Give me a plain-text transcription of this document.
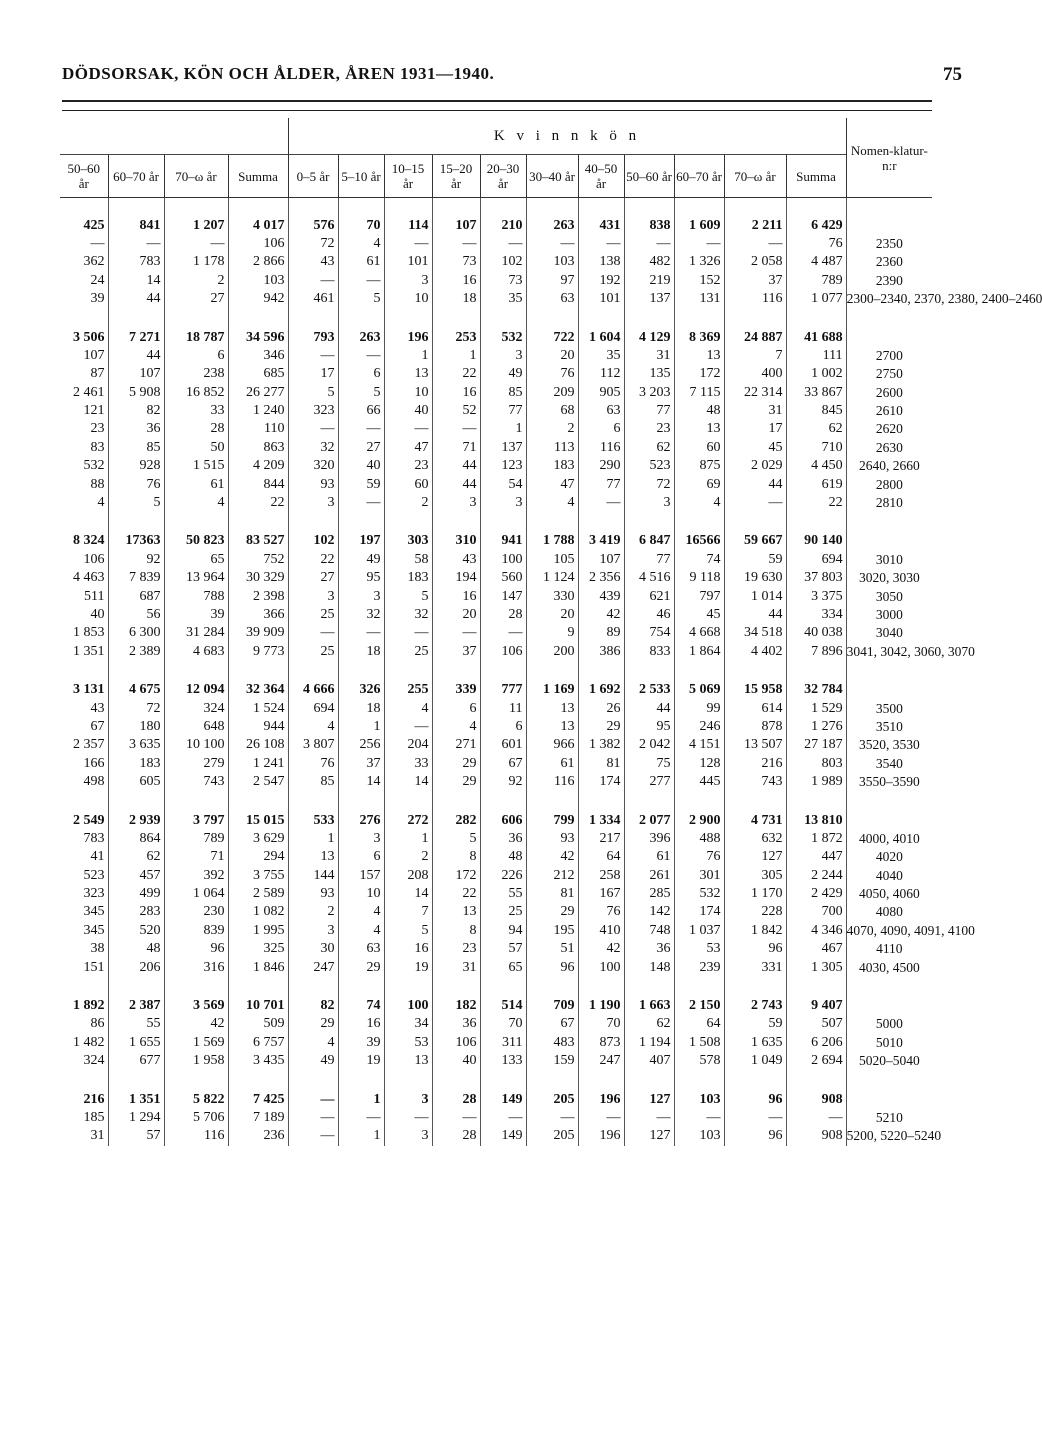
DÖDSORSAK, KÖN OCH ÅLDER, ÅREN 1931—1940.	75
				K v i n n k ö n											Nomen-klatur-n:r
50–60 år	60–70 år	70–ω år	Summa	0–5 år	5–10 år	10–15 år	15–20 år	20–30 år	30–40 år	40–50 år	50–60 år	60–70 år	70–ω år	Summa	

425	841	1 207	4 017	576	70	114	107	210	263	431	838	1 609	2 211	6 429	
—	—	—	106	72	4	—	—	—	—	—	—	—	—	76	2350
362	783	1 178	2 866	43	61	101	73	102	103	138	482	1 326	2 058	4 487	2360
24	14	2	103	—	—	3	16	73	97	192	219	152	37	789	2390
39	44	27	942	461	5	10	18	35	63	101	137	131	116	1 077	2300–2340, 2370, 2380, 2400–2460

3 506	7 271	18 787	34 596	793	263	196	253	532	722	1 604	4 129	8 369	24 887	41 688	
107	44	6	346	—	—	1	1	3	20	35	31	13	7	111	2700
87	107	238	685	17	6	13	22	49	76	112	135	172	400	1 002	2750
2 461	5 908	16 852	26 277	5	5	10	16	85	209	905	3 203	7 115	22 314	33 867	2600
121	82	33	1 240	323	66	40	52	77	68	63	77	48	31	845	2610
23	36	28	110	—	—	—	—	1	2	6	23	13	17	62	2620
83	85	50	863	32	27	47	71	137	113	116	62	60	45	710	2630
532	928	1 515	4 209	320	40	23	44	123	183	290	523	875	2 029	4 450	2640, 2660
88	76	61	844	93	59	60	44	54	47	77	72	69	44	619	2800
4	5	4	22	3	—	2	3	3	4	—	3	4	—	22	2810

8 324	17363	50 823	83 527	102	197	303	310	941	1 788	3 419	6 847	16566	59 667	90 140	
106	92	65	752	22	49	58	43	100	105	107	77	74	59	694	3010
4 463	7 839	13 964	30 329	27	95	183	194	560	1 124	2 356	4 516	9 118	19 630	37 803	3020, 3030
511	687	788	2 398	3	3	5	16	147	330	439	621	797	1 014	3 375	3050
40	56	39	366	25	32	32	20	28	20	42	46	45	44	334	3000
1 853	6 300	31 284	39 909	—	—	—	—	—	9	89	754	4 668	34 518	40 038	3040
1 351	2 389	4 683	9 773	25	18	25	37	106	200	386	833	1 864	4 402	7 896	3041, 3042, 3060, 3070

3 131	4 675	12 094	32 364	4 666	326	255	339	777	1 169	1 692	2 533	5 069	15 958	32 784	
43	72	324	1 524	694	18	4	6	11	13	26	44	99	614	1 529	3500
67	180	648	944	4	1	—	4	6	13	29	95	246	878	1 276	3510
2 357	3 635	10 100	26 108	3 807	256	204	271	601	966	1 382	2 042	4 151	13 507	27 187	3520, 3530
166	183	279	1 241	76	37	33	29	67	61	81	75	128	216	803	3540
498	605	743	2 547	85	14	14	29	92	116	174	277	445	743	1 989	3550–3590

2 549	2 939	3 797	15 015	533	276	272	282	606	799	1 334	2 077	2 900	4 731	13 810	
783	864	789	3 629	1	3	1	5	36	93	217	396	488	632	1 872	4000, 4010
41	62	71	294	13	6	2	8	48	42	64	61	76	127	447	4020
523	457	392	3 755	144	157	208	172	226	212	258	261	301	305	2 244	4040
323	499	1 064	2 589	93	10	14	22	55	81	167	285	532	1 170	2 429	4050, 4060
345	283	230	1 082	2	4	7	13	25	29	76	142	174	228	700	4080
345	520	839	1 995	3	4	5	8	94	195	410	748	1 037	1 842	4 346	4070, 4090, 4091, 4100
38	48	96	325	30	63	16	23	57	51	42	36	53	96	467	4110
151	206	316	1 846	247	29	19	31	65	96	100	148	239	331	1 305	4030, 4500

1 892	2 387	3 569	10 701	82	74	100	182	514	709	1 190	1 663	2 150	2 743	9 407	
86	55	42	509	29	16	34	36	70	67	70	62	64	59	507	5000
1 482	1 655	1 569	6 757	4	39	53	106	311	483	873	1 194	1 508	1 635	6 206	5010
324	677	1 958	3 435	49	19	13	40	133	159	247	407	578	1 049	2 694	5020–5040

216	1 351	5 822	7 425	—	1	3	28	149	205	196	127	103	96	908	
185	1 294	5 706	7 189	—	—	—	—	—	—	—	—	—	—	—	5210
31	57	116	236	—	1	3	28	149	205	196	127	103	96	908	5200, 5220–5240
